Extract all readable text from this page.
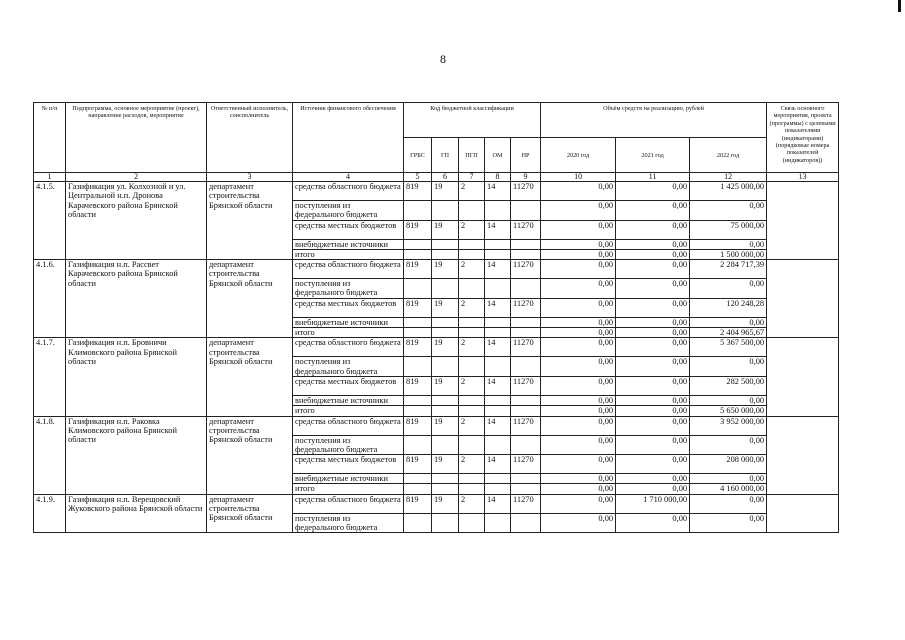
8
№ п/п	Подпрограмма, основное мероприятие (проект), направление расходов, мероприятие	Ответственный исполнитель, соисполнитель	Источник финансового обеспечения	Код бюджетной классификации					Объём средств на реализацию, рублей			Связь основного мероприятия, проекта (программы) с целевыми показателями (индикаторами) (порядковые номера показателей (индикаторов))
				ГРБС	ГП	ПГП	ОМ	НР	2020 год	2021 год	2022 год	
1	2	3	4	5	6	7	8	9	10	11	12	13
4.1.5.	Газификация ул. Колхозной и ул. Центральной н.п. Дронова Карачевского района Брянской области	департамент строительства Брянской области	средства областного бюджета	819	19	2	14	11270	0,00	0,00	1 425 000,00	
			поступления из федерального бюджета						0,00	0,00	0,00	
			средства местных бюджетов	819	19	2	14	11270	0,00	0,00	75 000,00	
			внебюджетные источники						0,00	0,00	0,00	
			итого						0,00	0,00	1 500 000,00	
4.1.6.	Газификация н.п. Рассвет Карачевского района Брянской области	департамент строительства Брянской области	средства областного бюджета	819	19	2	14	11270	0,00	0,00	2 284 717,39	
			поступления из федерального бюджета						0,00	0,00	0,00	
			средства местных бюджетов	819	19	2	14	11270	0,00	0,00	120 248,28	
			внебюджетные источники						0,00	0,00	0,00	
			итого						0,00	0,00	2 404 965,67	
4.1.7.	Газификация н.п. Бровничи Климовского района Брянской области	департамент строительства Брянской области	средства областного бюджета	819	19	2	14	11270	0,00	0,00	5 367 500,00	
			поступления из федерального бюджета						0,00	0,00	0,00	
			средства местных бюджетов	819	19	2	14	11270	0,00	0,00	282 500,00	
			внебюджетные источники						0,00	0,00	0,00	
			итого						0,00	0,00	5 650 000,00	
4.1.8.	Газификация н.п. Раковка Климовского района Брянской области	департамент строительства Брянской области	средства областного бюджета	819	19	2	14	11270	0,00	0,00	3 952 000,00	
			поступления из федерального бюджета						0,00	0,00	0,00	
			средства местных бюджетов	819	19	2	14	11270	0,00	0,00	208 000,00	
			внебюджетные источники						0,00	0,00	0,00	
			итого						0,00	0,00	4 160 000,00	
4.1.9.	Газификация н.п. Верещовский Жуковского района Брянской области	департамент строительства Брянской области	средства областного бюджета	819	19	2	14	11270	0,00	1 710 000,00	0,00	
			поступления из федерального бюджета						0,00	0,00	0,00	
